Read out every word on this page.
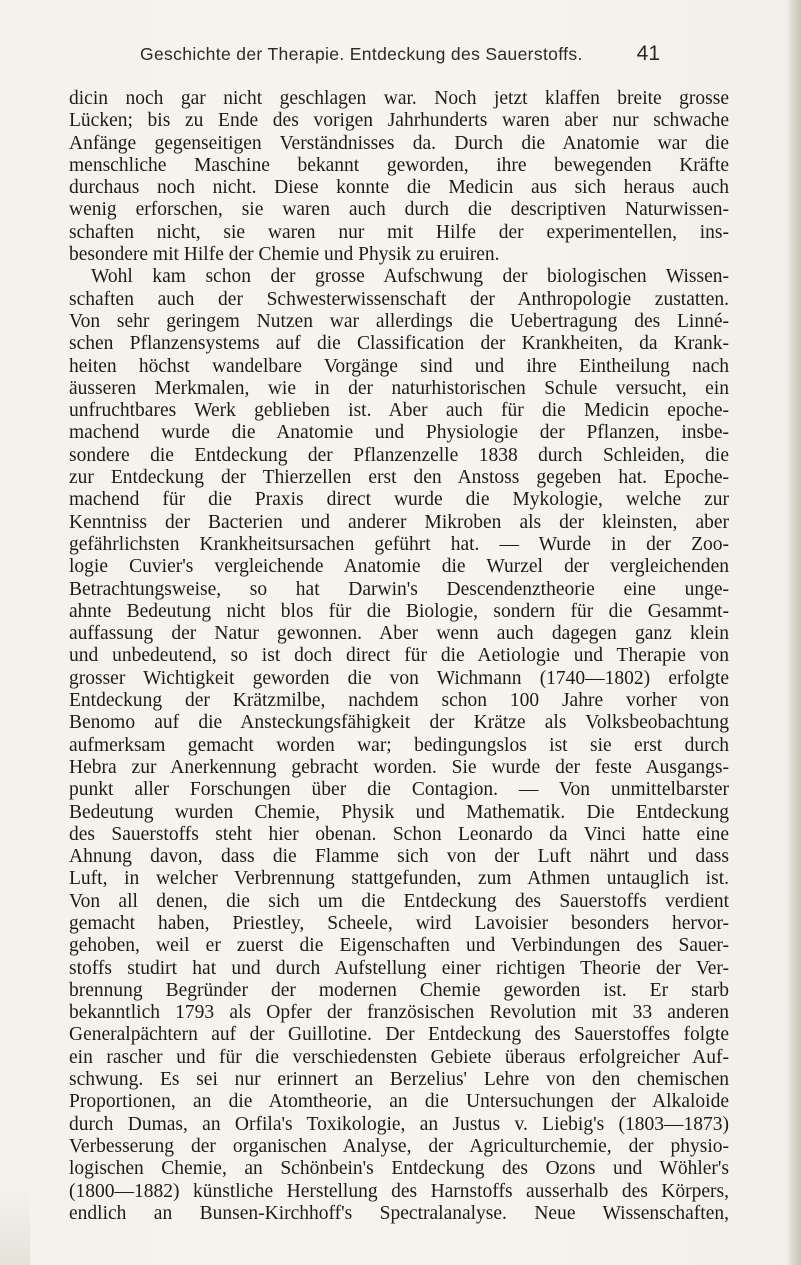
Geschichte der Therapie. Entdeckung des Sauerstoffs.	41
dicin noch gar nicht geschlagen war. Noch jetzt klaffen breite grosse
Lücken; bis zu Ende des vorigen Jahrhunderts waren aber nur schwache
Anfänge gegenseitigen Verständnisses da. Durch die Anatomie war die
menschliche Maschine bekannt geworden, ihre bewegenden Kräfte
durchaus noch nicht. Diese konnte die Medicin aus sich heraus auch
wenig erforschen, sie waren auch durch die descriptiven Naturwissen-
schaften nicht, sie waren nur mit Hilfe der experimentellen, ins-
besondere mit Hilfe der Chemie und Physik zu eruiren.
Wohl kam schon der grosse Aufschwung der biologischen Wissen-
schaften auch der Schwesterwissenschaft der Anthropologie zustatten.
Von sehr geringem Nutzen war allerdings die Uebertragung des Linné-
schen Pflanzensystems auf die Classification der Krankheiten, da Krank-
heiten höchst wandelbare Vorgänge sind und ihre Eintheilung nach
äusseren Merkmalen, wie in der naturhistorischen Schule versucht, ein
unfruchtbares Werk geblieben ist. Aber auch für die Medicin epoche-
machend wurde die Anatomie und Physiologie der Pflanzen, insbe-
sondere die Entdeckung der Pflanzenzelle 1838 durch Schleiden, die
zur Entdeckung der Thierzellen erst den Anstoss gegeben hat. Epoche-
machend für die Praxis direct wurde die Mykologie, welche zur
Kenntniss der Bacterien und anderer Mikroben als der kleinsten, aber
gefährlichsten Krankheitsursachen geführt hat. — Wurde in der Zoo-
logie Cuvier's vergleichende Anatomie die Wurzel der vergleichenden
Betrachtungsweise, so hat Darwin's Descendenztheorie eine unge-
ahnte Bedeutung nicht blos für die Biologie, sondern für die Gesammt-
auffassung der Natur gewonnen. Aber wenn auch dagegen ganz klein
und unbedeutend, so ist doch direct für die Aetiologie und Therapie von
grosser Wichtigkeit geworden die von Wichmann (1740—1802) erfolgte
Entdeckung der Krätzmilbe, nachdem schon 100 Jahre vorher von
Benomo auf die Ansteckungsfähigkeit der Krätze als Volksbeobachtung
aufmerksam gemacht worden war; bedingungslos ist sie erst durch
Hebra zur Anerkennung gebracht worden. Sie wurde der feste Ausgangs-
punkt aller Forschungen über die Contagion. — Von unmittelbarster
Bedeutung wurden Chemie, Physik und Mathematik. Die Entdeckung
des Sauerstoffs steht hier obenan. Schon Leonardo da Vinci hatte eine
Ahnung davon, dass die Flamme sich von der Luft nährt und dass
Luft, in welcher Verbrennung stattgefunden, zum Athmen untauglich ist.
Von all denen, die sich um die Entdeckung des Sauerstoffs verdient
gemacht haben, Priestley, Scheele, wird Lavoisier besonders hervor-
gehoben, weil er zuerst die Eigenschaften und Verbindungen des Sauer-
stoffs studirt hat und durch Aufstellung einer richtigen Theorie der Ver-
brennung Begründer der modernen Chemie geworden ist. Er starb
bekanntlich 1793 als Opfer der französischen Revolution mit 33 anderen
Generalpächtern auf der Guillotine. Der Entdeckung des Sauerstoffes folgte
ein rascher und für die verschiedensten Gebiete überaus erfolgreicher Auf-
schwung. Es sei nur erinnert an Berzelius' Lehre von den chemischen
Proportionen, an die Atomtheorie, an die Untersuchungen der Alkaloide
durch Dumas, an Orfila's Toxikologie, an Justus v. Liebig's (1803—1873)
Verbesserung der organischen Analyse, der Agriculturchemie, der physio-
logischen Chemie, an Schönbein's Entdeckung des Ozons und Wöhler's
(1800—1882) künstliche Herstellung des Harnstoffs ausserhalb des Körpers,
endlich an Bunsen-Kirchhoff's Spectralanalyse. Neue Wissenschaften,
